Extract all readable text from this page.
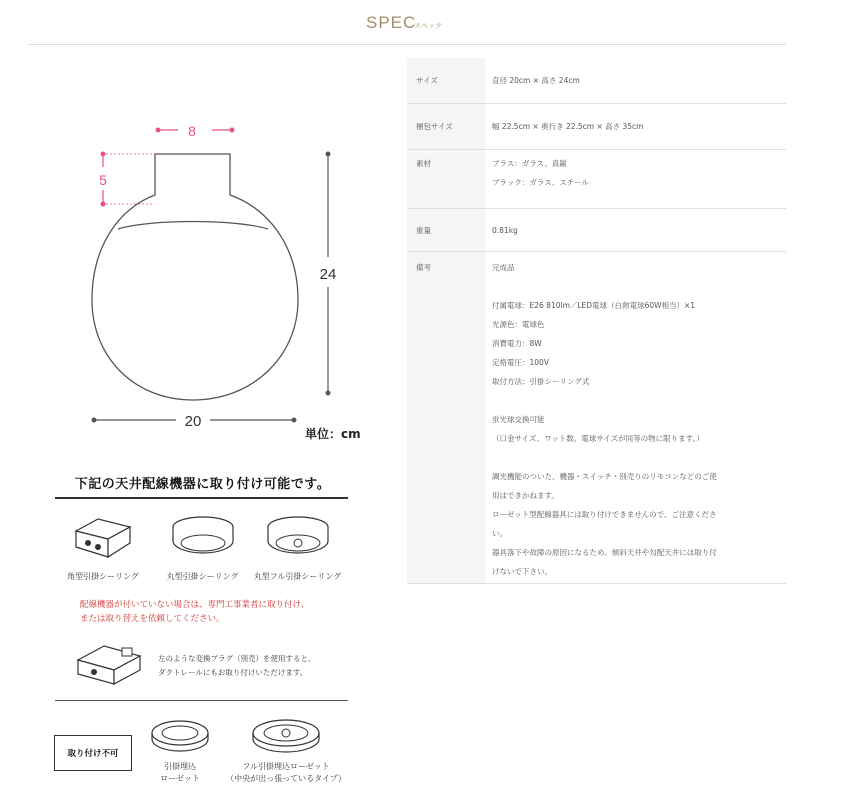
SPEC
スペック
8
5
24
20
単位：cm
下記の天井配線機器に取り付け可能です。
角型引掛シーリング	丸型引掛シーリング	丸型フル引掛シーリング
配線機器が付いていない場合は、専門工事業者に取り付け、
または取り替えを依頼してください。
左のような変換プラグ（別売）を使用すると、
ダクトレールにもお取り付けいただけます。
取り付け不可
引掛埋込
ローゼット
フル引掛埋込ローゼット
（中央が出っ張っているタイプ）
サイズ	直径 20cm × 高さ 24cm
梱包サイズ	幅 22.5cm × 奥行き 22.5cm × 高さ 35cm
素材	ブラス：ガラス、真鍮
ブラック：ガラス、スチール
重量	0.81kg
備考	完成品
付属電球：E26 810lm／LED電球（白熱電球60W相当）×1
光源色：電球色
消費電力：8W
定格電圧：100V
取付方法：引掛シーリング式
蛍光球交換可能
（口金サイズ、ワット数、電球サイズが同等の物に限ります。）
調光機能のついた、機器・スイッチ・別売りのリモコンなどのご使
用はできかねます。
ローゼット型配線器具には取り付けできませんので、ご注意くださ
い。
器具落下や故障の原因になるため、傾斜天井や勾配天井には取り付
けないで下さい。
